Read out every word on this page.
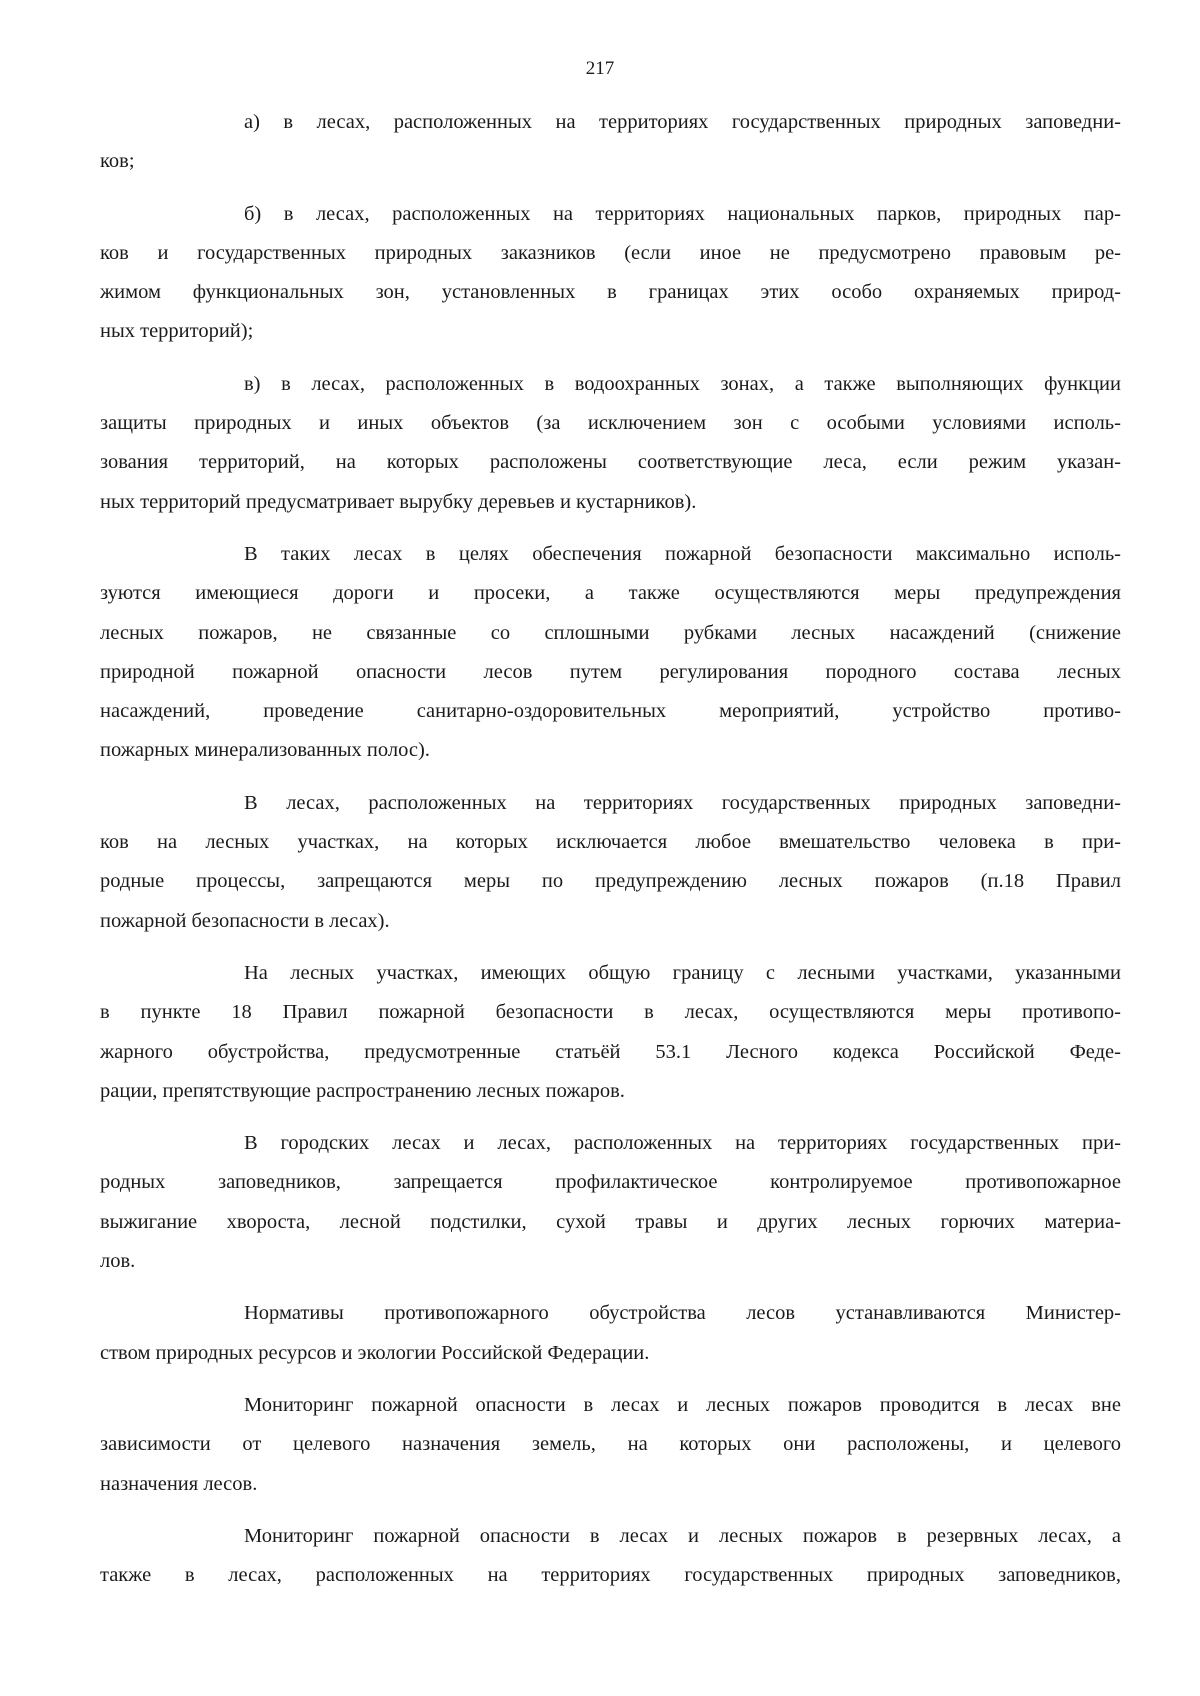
217

а) в лесах, расположенных на территориях государственных природных заповедни-
ков;

б) в лесах, расположенных на территориях национальных парков, природных пар-
ков и государственных природных заказников (если иное не предусмотрено правовым ре-
жимом функциональных зон, установленных в границах этих особо охраняемых природ-
ных территорий);

в) в лесах, расположенных в водоохранных зонах, а также выполняющих функции
защиты природных и иных объектов (за исключением зон с особыми условиями исполь-
зования территорий, на которых расположены соответствующие леса, если режим указан-
ных территорий предусматривает вырубку деревьев и кустарников).

В таких лесах в целях обеспечения пожарной безопасности максимально исполь-
зуются имеющиеся дороги и просеки, а также осуществляются меры предупреждения
лесных пожаров, не связанные со сплошными рубками лесных насаждений (снижение
природной пожарной опасности лесов путем регулирования породного состава лесных
насаждений, проведение санитарно-оздоровительных мероприятий, устройство противо-
пожарных минерализованных полос).

В лесах, расположенных на территориях государственных природных заповедни-
ков на лесных участках, на которых исключается любое вмешательство человека в при-
родные процессы, запрещаются меры по предупреждению лесных пожаров (п.18 Правил
пожарной безопасности в лесах).

На лесных участках, имеющих общую границу с лесными участками, указанными
в пункте 18 Правил пожарной безопасности в лесах, осуществляются меры противопо-
жарного обустройства, предусмотренные статьёй 53.1 Лесного кодекса Российской Феде-
рации, препятствующие распространению лесных пожаров.

В городских лесах и лесах, расположенных на территориях государственных при-
родных заповедников, запрещается профилактическое контролируемое противопожарное
выжигание хвороста, лесной подстилки, сухой травы и других лесных горючих материа-
лов.

Нормативы противопожарного обустройства лесов устанавливаются Министер-
ством природных ресурсов и экологии Российской Федерации.

Мониторинг пожарной опасности в лесах и лесных пожаров проводится в лесах вне
зависимости от целевого назначения земель, на которых они расположены, и целевого
назначения лесов.

Мониторинг пожарной опасности в лесах и лесных пожаров в резервных лесах, а
также в лесах, расположенных на территориях государственных природных заповедников,
